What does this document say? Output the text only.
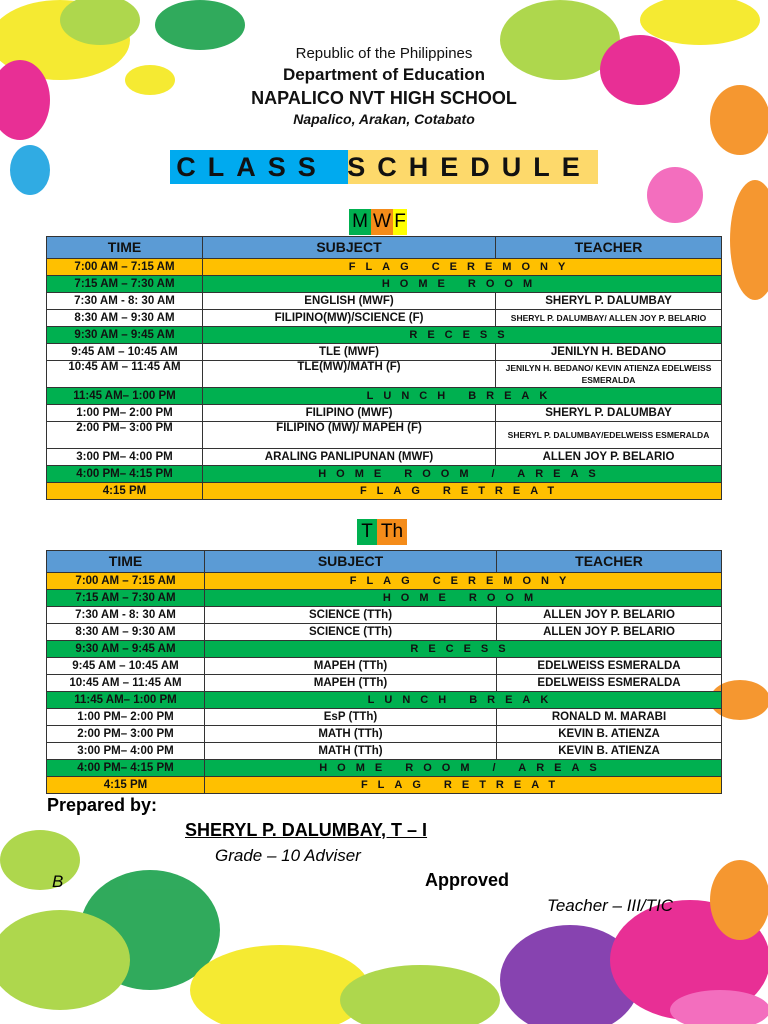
Republic of the Philippines
Department of Education
NAPALICO NVT HIGH SCHOOL
Napalico, Arakan, Cotabato
CLASS SCHEDULE
M W F
TIME	SUBJECT	TEACHER
7:00 AM – 7:15 AM	FLAG CEREMONY	
7:15 AM – 7:30 AM	HOME ROOM	
7:30 AM - 8: 30 AM	ENGLISH (MWF)	SHERYL P. DALUMBAY
8:30 AM – 9:30 AM	FILIPINO(MW)/SCIENCE (F)	SHERYL P. DALUMBAY/ ALLEN JOY P. BELARIO
9:30 AM – 9:45 AM	RECESS	
9:45 AM – 10:45 AM	TLE (MWF)	JENILYN H. BEDANO
10:45 AM – 11:45 AM	TLE(MW)/MATH (F)	JENILYN H. BEDANO/ KEVIN ATIENZA EDELWEISS ESMERALDA
11:45 AM– 1:00 PM	LUNCH BREAK	
1:00 PM– 2:00 PM	FILIPINO (MWF)	SHERYL P. DALUMBAY
2:00 PM– 3:00 PM	FILIPINO (MW)/ MAPEH (F)	SHERYL P. DALUMBAY/EDELWEISS ESMERALDA
3:00 PM– 4:00 PM	ARALING PANLIPUNAN (MWF)	ALLEN JOY P. BELARIO
4:00 PM– 4:15 PM	HOME ROOM / AREAS	
4:15 PM	FLAG RETREAT	
T Th
TIME	SUBJECT	TEACHER
7:00 AM – 7:15 AM	FLAG CEREMONY	
7:15 AM – 7:30 AM	HOME ROOM	
7:30 AM - 8: 30 AM	SCIENCE (TTh)	ALLEN JOY P. BELARIO
8:30 AM – 9:30 AM	SCIENCE (TTh)	ALLEN JOY P. BELARIO
9:30 AM – 9:45 AM	RECESS	
9:45 AM – 10:45 AM	MAPEH (TTh)	EDELWEISS ESMERALDA
10:45 AM – 11:45 AM	MAPEH (TTh)	EDELWEISS ESMERALDA
11:45 AM– 1:00 PM	LUNCH BREAK	
1:00 PM– 2:00 PM	EsP (TTh)	RONALD M. MARABI
2:00 PM– 3:00 PM	MATH (TTh)	KEVIN B. ATIENZA
3:00 PM– 4:00 PM	MATH (TTh)	KEVIN B. ATIENZA
4:00 PM– 4:15 PM	HOME ROOM / AREAS	
4:15 PM	FLAG RETREAT	
Prepared by:
SHERYL P. DALUMBAY, T – I
Grade – 10 Adviser
B	Approved
Teacher – III/TIC
